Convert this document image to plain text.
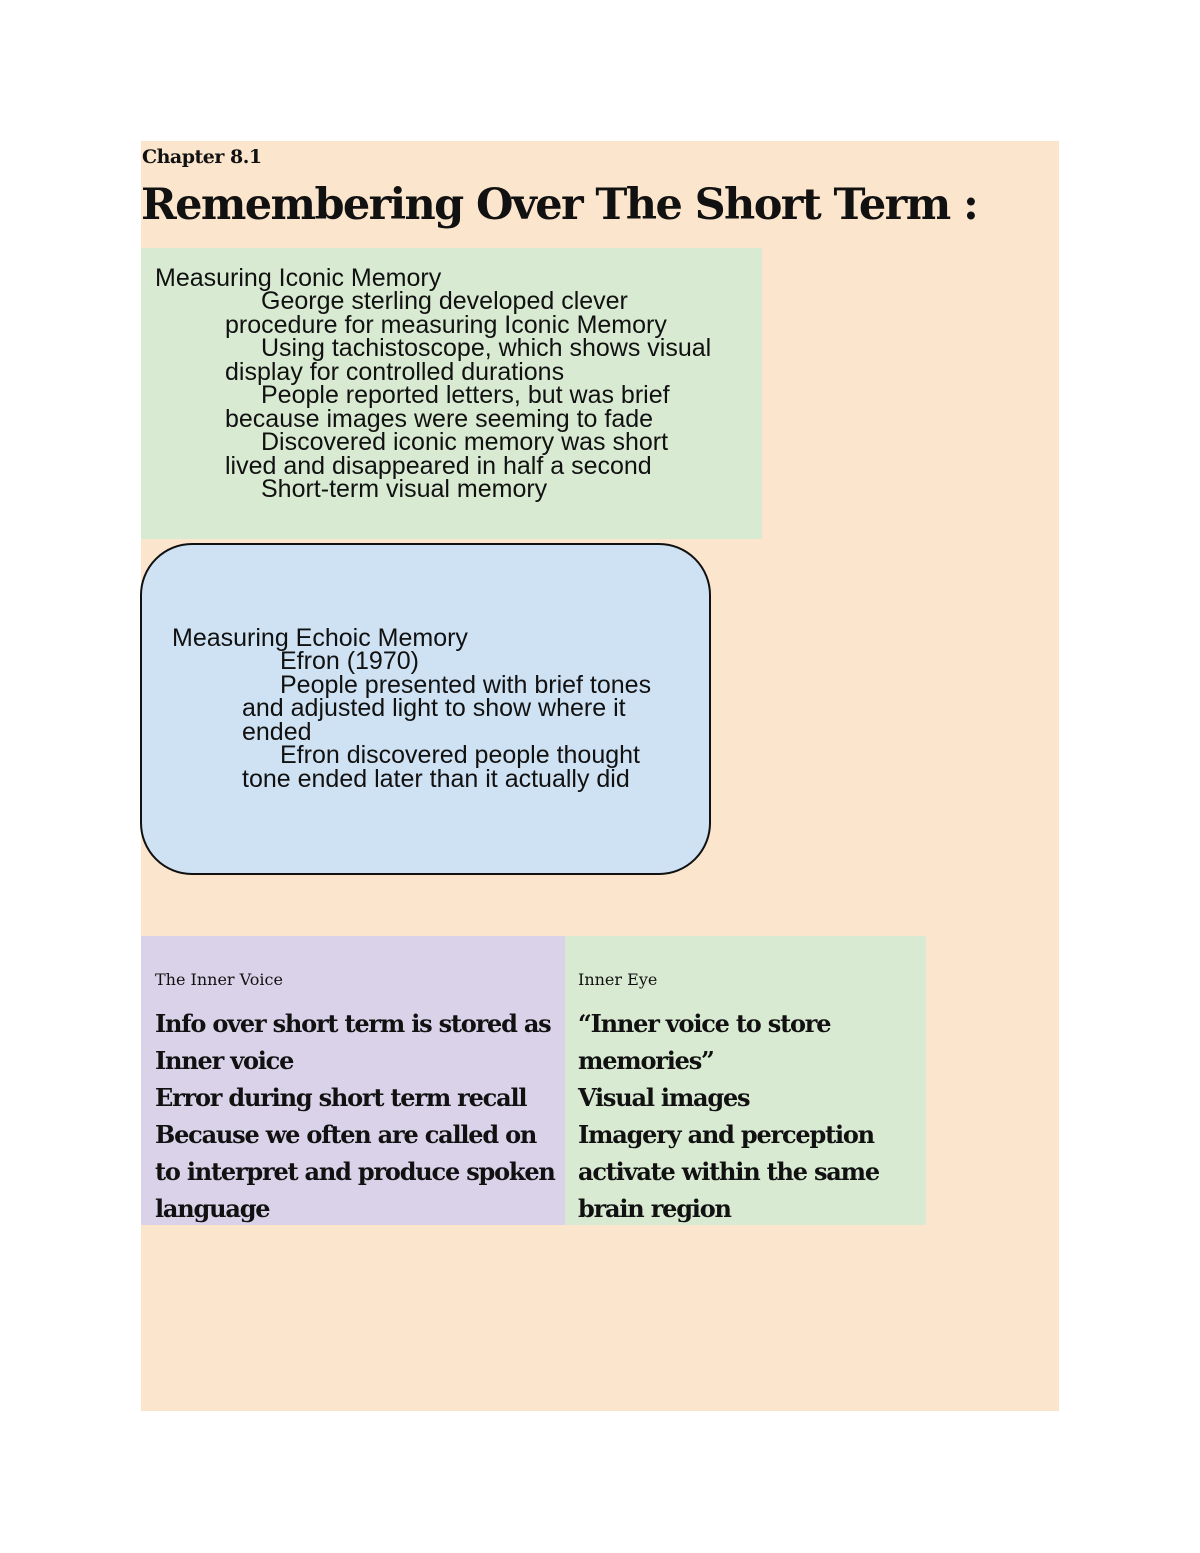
Chapter 8.1
Remembering Over The Short Term :

Measuring Iconic Memory

George sterling developed clever procedure for measuring Iconic Memory
Using tachistoscope, which shows visual display for controlled durations
People reported letters, but was brief because images were seeming to fade
Discovered iconic memory was short lived and disappeared in half a second
Short-term visual memory

Measuring Echoic Memory

Efron (1970)
People presented with brief tones and adjusted light to show where it ended
Efron discovered people thought tone ended later than it actually did

The Inner Voice

Info over short term is stored as Inner voice
Error during short term recall
Because we often are called on to interpret and produce spoken language

Inner Eye

“Inner voice to store memories”
Visual images
Imagery and perception activate within the same brain region
